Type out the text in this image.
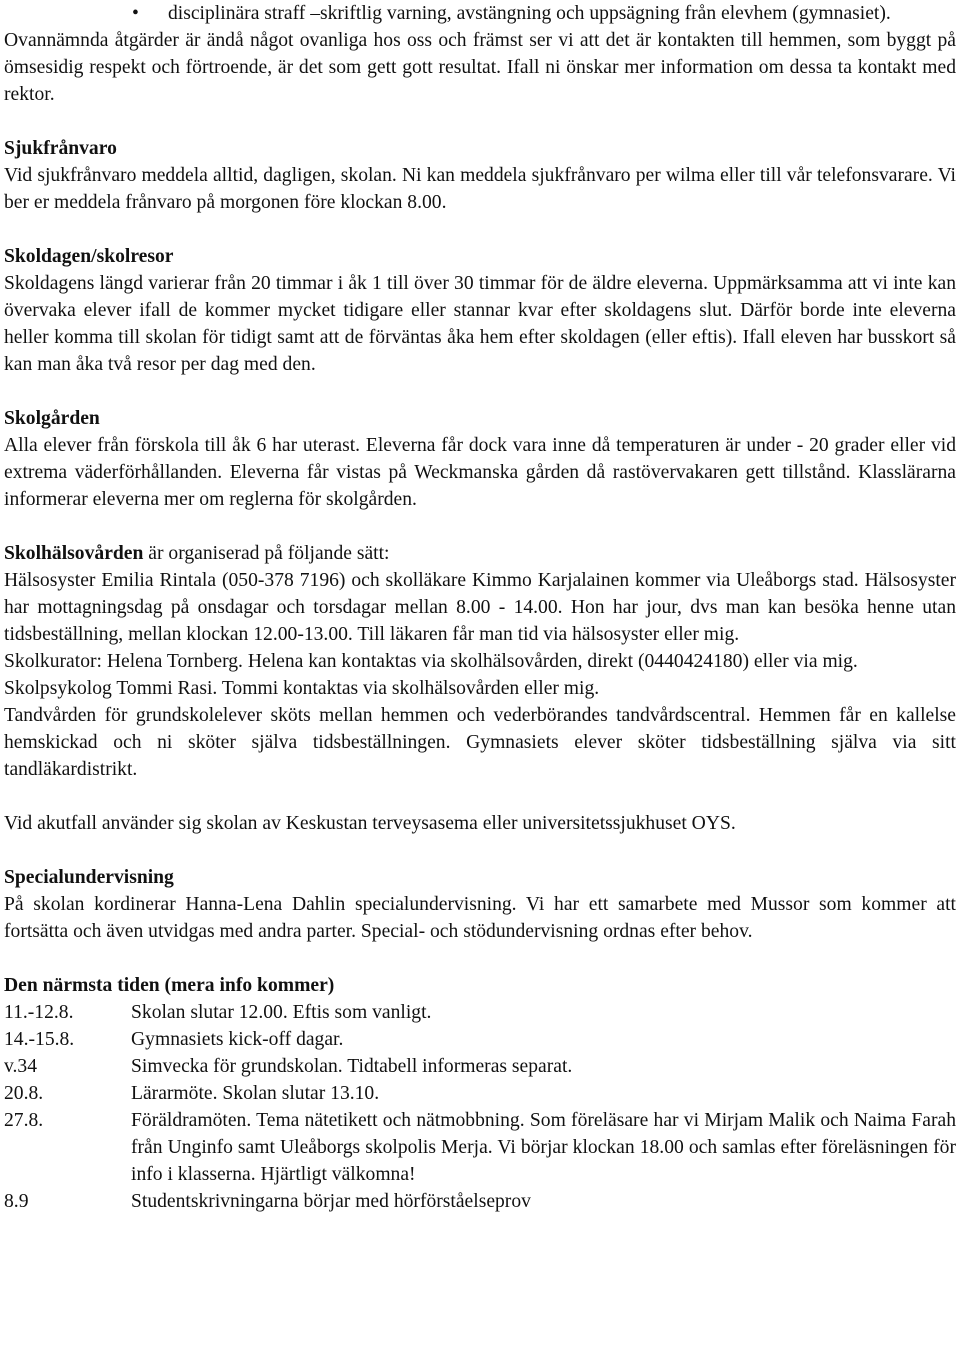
• disciplinära straff –skriftlig varning, avstängning och uppsägning från elevhem (gymnasiet).

Ovannämnda åtgärder är ändå något ovanliga hos oss och främst ser vi att det är kontakten till hemmen, som byggt på ömsesidig respekt och förtroende, är det som gett gott resultat. Ifall ni önskar mer information om dessa ta kontakt med rektor.

Sjukfrånvaro

Vid sjukfrånvaro meddela alltid, dagligen, skolan. Ni kan meddela sjukfrånvaro per wilma eller till vår telefonsvarare. Vi ber er meddela frånvaro på morgonen före klockan 8.00.

Skoldagen/skolresor

Skoldagens längd varierar från 20 timmar i åk 1 till över 30 timmar för de äldre eleverna. Uppmärksamma att vi inte kan övervaka elever ifall de kommer mycket tidigare eller stannar kvar efter skoldagens slut. Därför borde inte eleverna heller komma till skolan för tidigt samt att de förväntas åka hem efter skoldagen (eller eftis). Ifall eleven har busskort så kan man åka två resor per dag med den.

Skolgården

Alla elever från förskola till åk 6 har uterast. Eleverna får dock vara inne då temperaturen är under - 20 grader eller vid extrema väderförhållanden. Eleverna får vistas på Weckmanska gården då rastövervakaren gett tillstånd. Klasslärarna informerar eleverna mer om reglerna för skolgården.

Skolhälsovården är organiserad på följande sätt:

Hälsosyster Emilia Rintala (050-378 7196) och skolläkare Kimmo Karjalainen kommer via Uleåborgs stad. Hälsosyster har mottagningsdag på onsdagar och torsdagar mellan 8.00 - 14.00. Hon har jour, dvs man kan besöka henne utan tidsbeställning, mellan klockan 12.00-13.00. Till läkaren får man tid via hälsosyster eller mig.

Skolkurator: Helena Tornberg. Helena kan kontaktas via skolhälsovården, direkt (0440424180) eller via mig.

Skolpsykolog Tommi Rasi. Tommi kontaktas via skolhälsovården eller mig.

Tandvården för grundskolelever sköts mellan hemmen och vederbörandes tandvårdscentral. Hemmen får en kallelse hemskickad och ni sköter själva tidsbeställningen. Gymnasiets elever sköter tidsbeställning själva via sitt tandläkardistrikt.

Vid akutfall använder sig skolan av Keskustan terveysasema eller universitetssjukhuset OYS.

Specialundervisning

På skolan kordinerar Hanna-Lena Dahlin specialundervisning. Vi har ett samarbete med Mussor som kommer att fortsätta och även utvidgas med andra parter. Special- och stödundervisning ordnas efter behov.

Den närmsta tiden (mera info kommer)

11.-12.8.	Skolan slutar 12.00. Eftis som vanligt.
14.-15.8.	Gymnasiets kick-off dagar.
v.34	Simvecka för grundskolan. Tidtabell informeras separat.
20.8.	Lärarmöte. Skolan slutar 13.10.
27.8.	Föräldramöten. Tema nätetikett och nätmobbning. Som föreläsare har vi Mirjam Malik och Naima Farah från Unginfo samt Uleåborgs skolpolis Merja. Vi börjar klockan 18.00 och samlas efter föreläsningen för info i klasserna. Hjärtligt välkomna!
8.9	Studentskrivningarna börjar med hörförståelseprov
